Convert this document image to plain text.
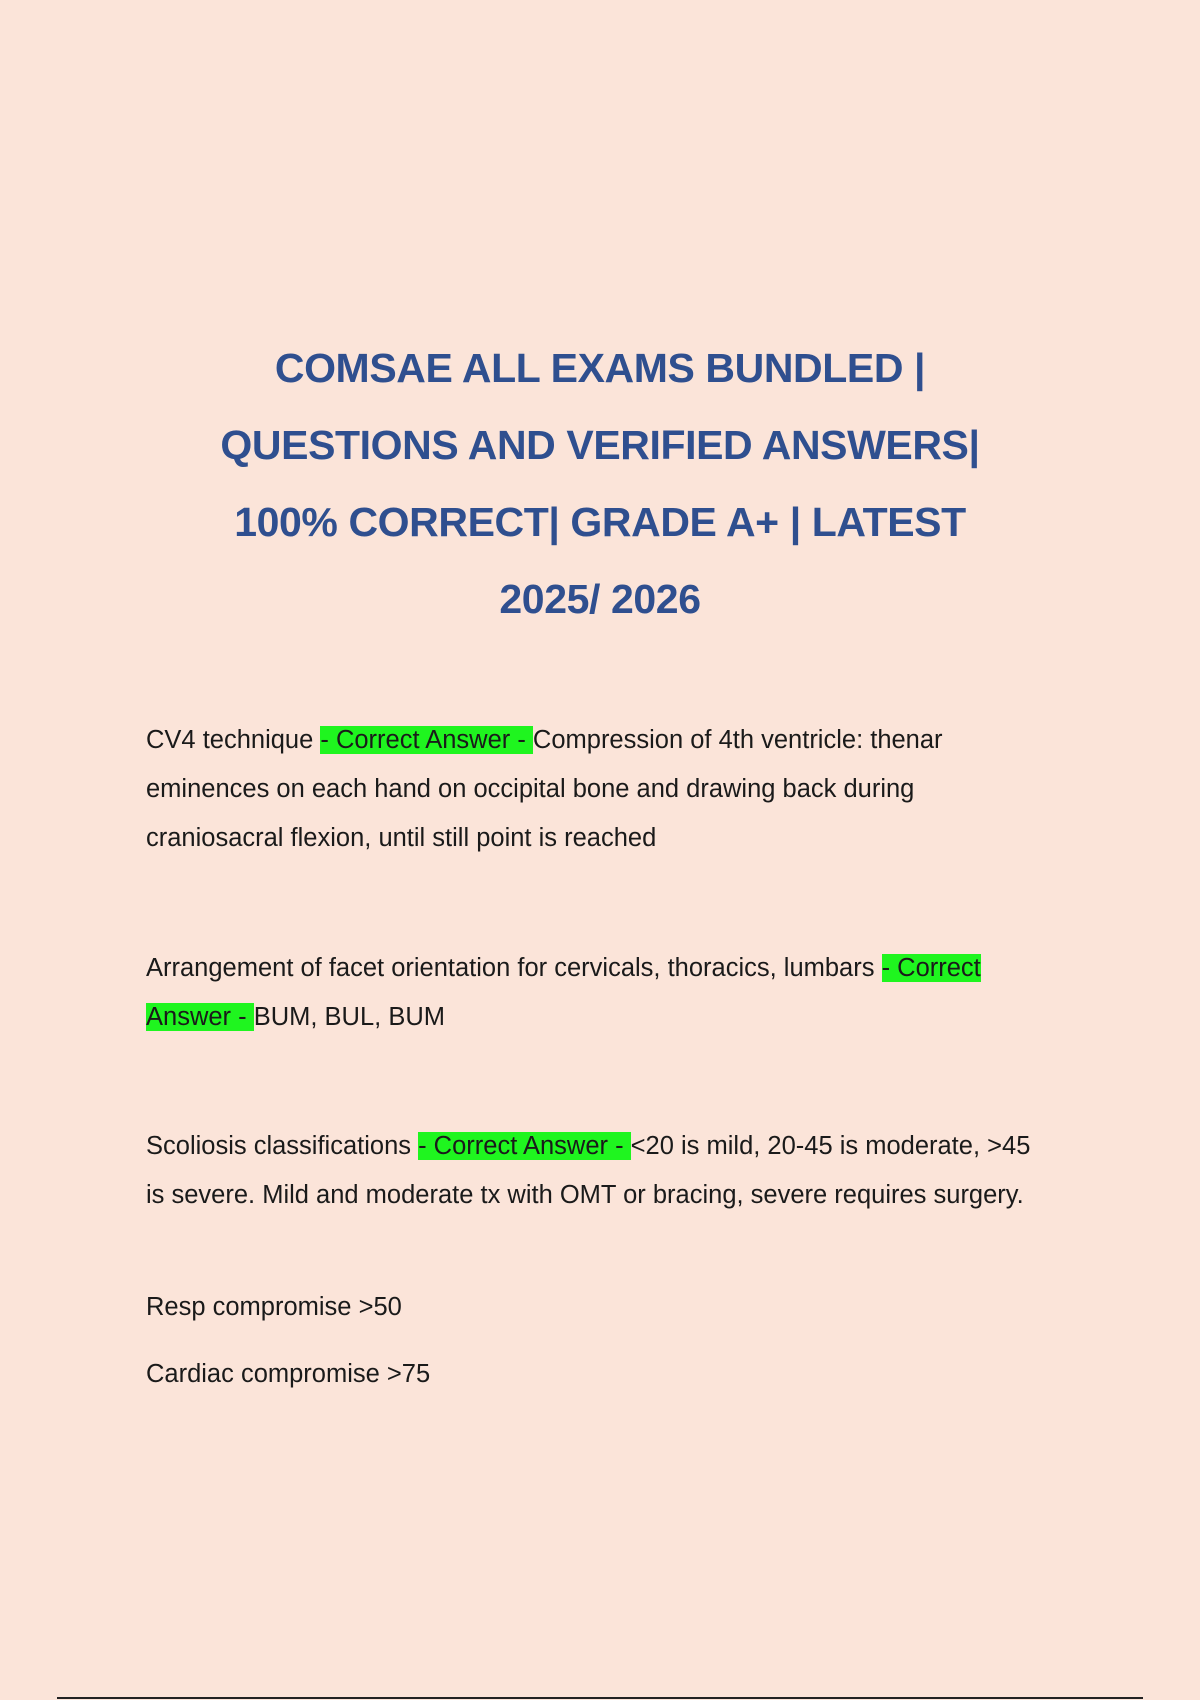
COMSAE ALL EXAMS BUNDLED |
QUESTIONS AND VERIFIED ANSWERS|
100% CORRECT| GRADE A+ | LATEST
2025/ 2026

CV4 technique - Correct Answer - Compression of 4th ventricle: thenar eminences on each hand on occipital bone and drawing back during craniosacral flexion, until still point is reached

Arrangement of facet orientation for cervicals, thoracics, lumbars - Correct Answer - BUM, BUL, BUM

Scoliosis classifications - Correct Answer - <20 is mild, 20-45 is moderate, >45 is severe. Mild and moderate tx with OMT or bracing, severe requires surgery.

Resp compromise >50

Cardiac compromise >75
